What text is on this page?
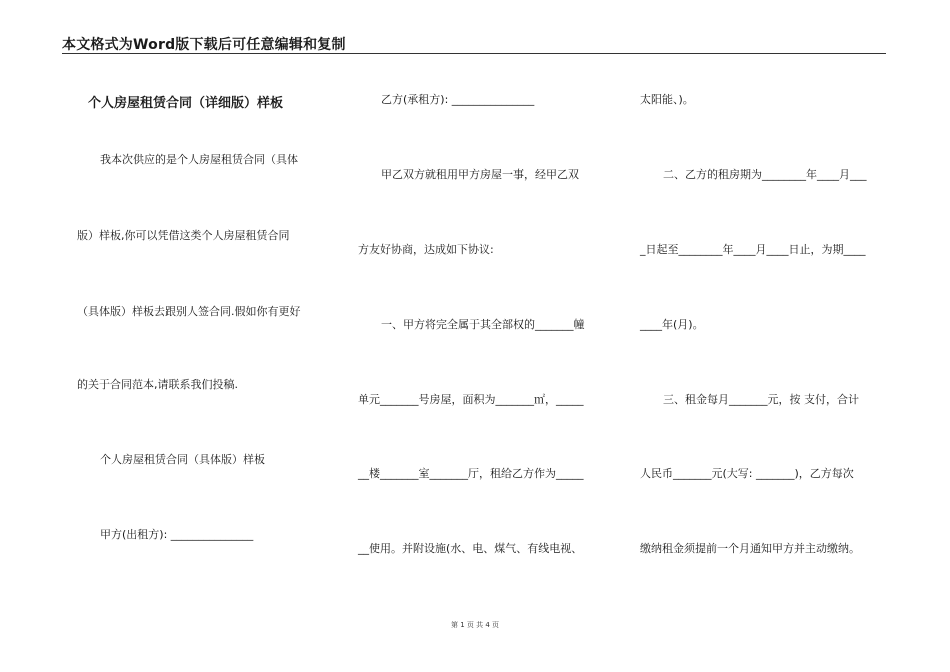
本文格式为Word版下载后可任意编辑和复制
个人房屋租赁合同（详细版）样板
我本次供应的是个人房屋租赁合同（具体
版）样板,你可以凭借这类个人房屋租赁合同
（具体版）样板去跟别人签合同.假如你有更好
的关于合同范本,请联系我们投稿.
个人房屋租赁合同（具体版）样板
甲方(出租方): _______________
乙方(承租方): _______________
甲乙双方就租用甲方房屋一事，经甲乙双
方友好协商，达成如下协议:
一、甲方将完全属于其全部权的_______幢
单元_______号房屋，面积为_______㎡，_____
__楼_______室_______厅，租给乙方作为_____
__使用。并附设施(水、电、煤气、有线电视、
太阳能、)。
二、乙方的租房期为________年____月___
_日起至________年____月____日止，为期____
____年(月)。
三、租金每月_______元，按 支付，合计
人民币_______元(大写: _______)，乙方每次
缴纳租金须提前一个月通知甲方并主动缴纳。
第 1 页 共 4 页
